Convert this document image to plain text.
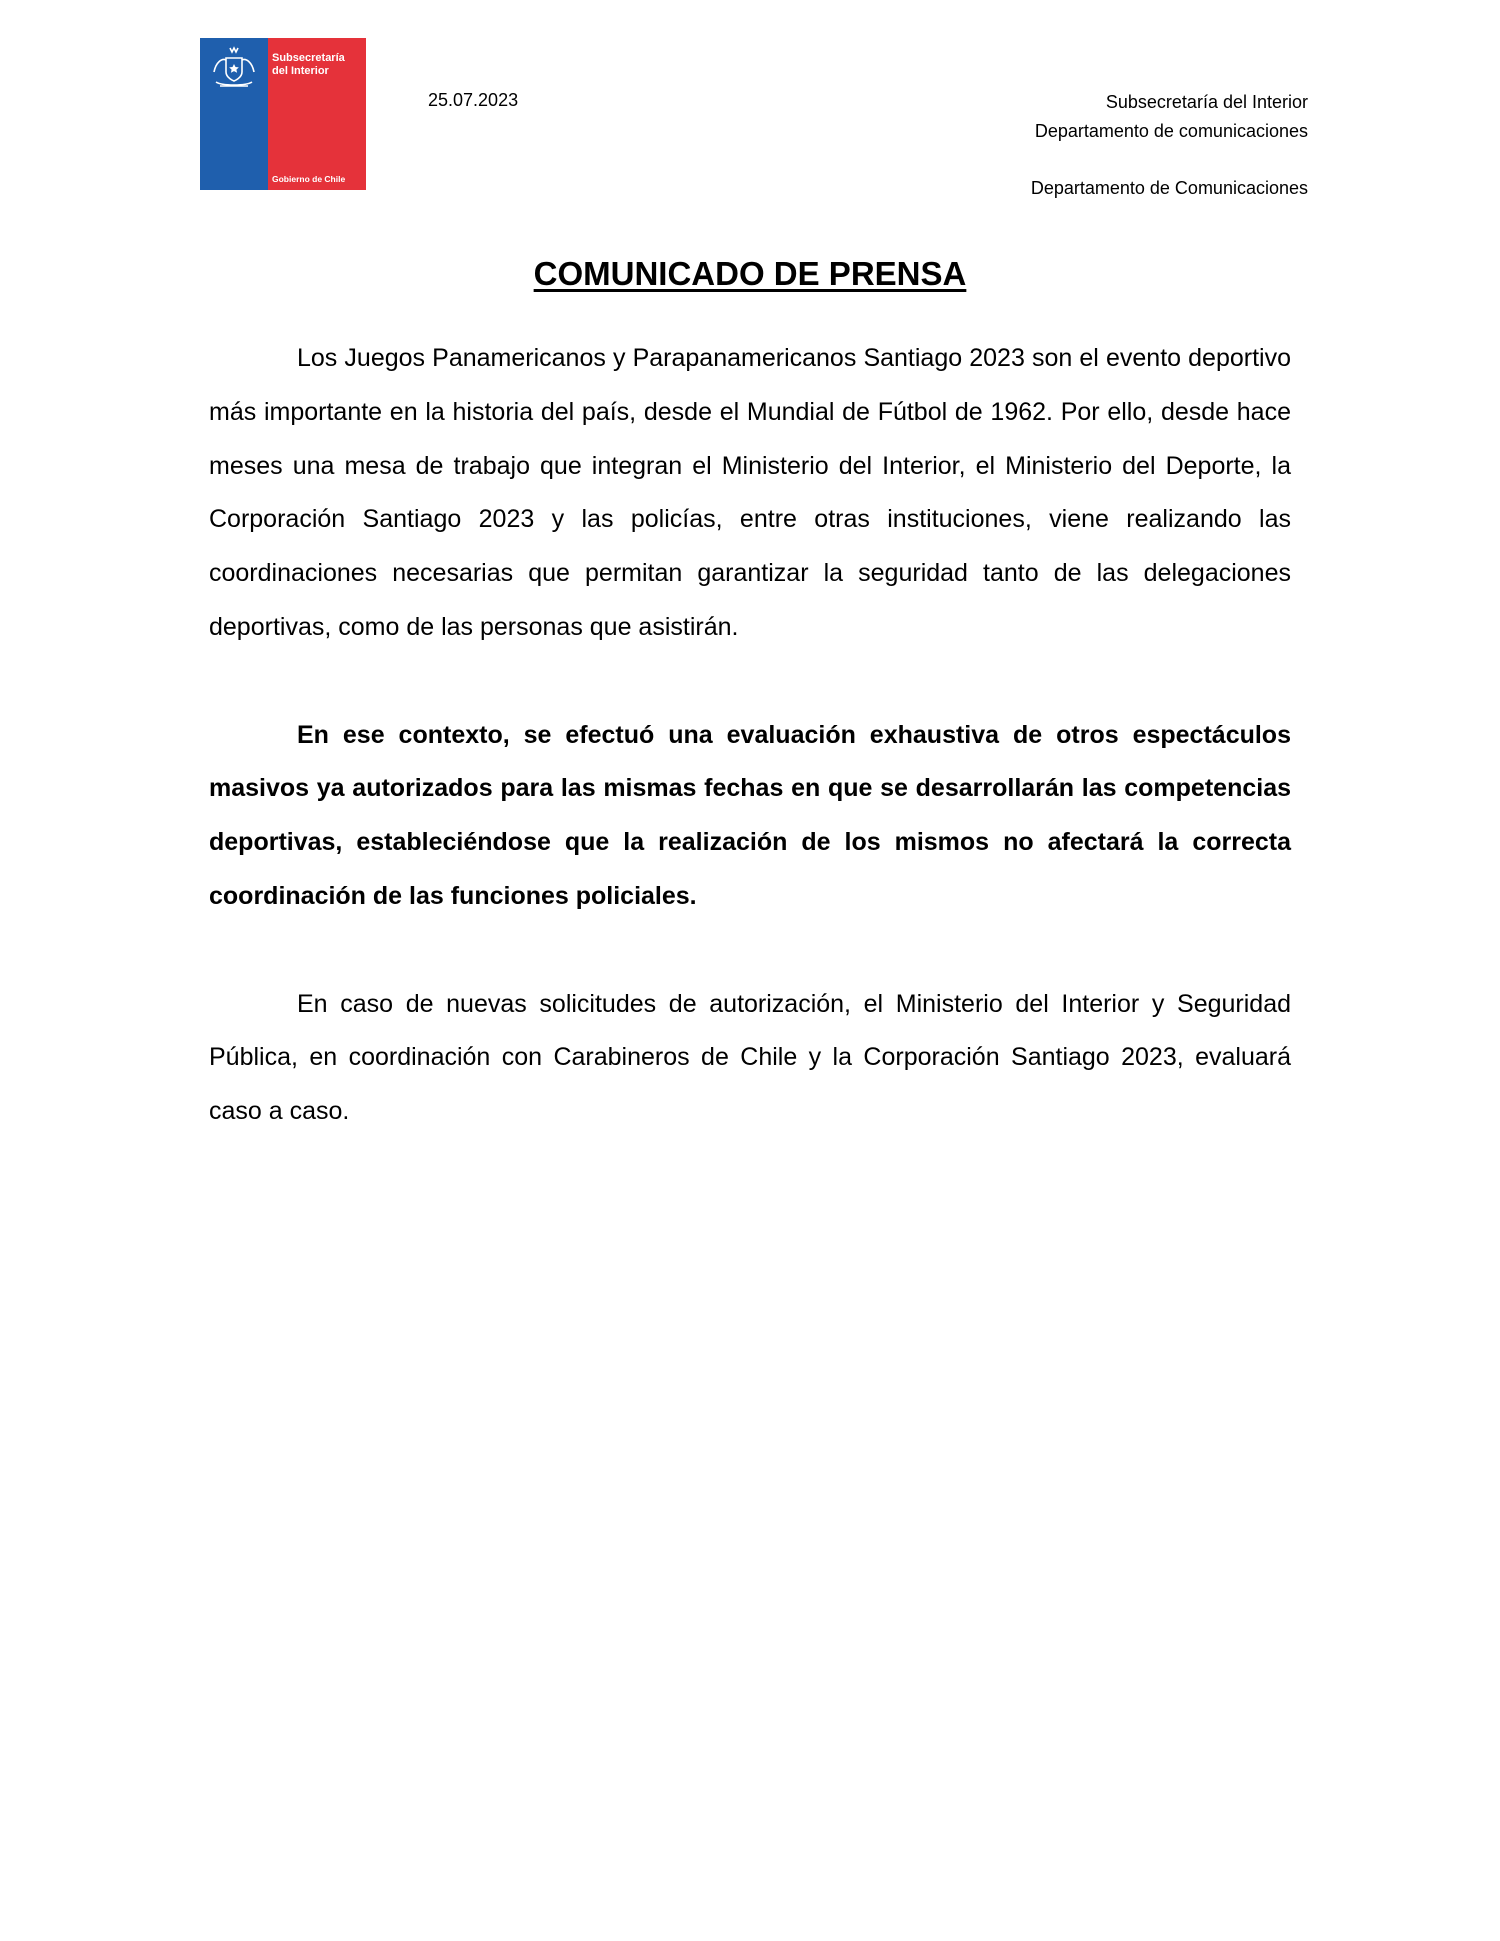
Subsecretaría
del Interior
Gobierno de Chile
25.07.2023	Subsecretaría del Interior
Departamento de comunicaciones
Departamento de Comunicaciones
COMUNICADO DE PRENSA

Los Juegos Panamericanos y Parapanamericanos Santiago 2023 son el evento deportivo más importante en la historia del país, desde el Mundial de Fútbol de 1962. Por ello, desde hace meses una mesa de trabajo que integran el Ministerio del Interior, el Ministerio del Deporte, la Corporación Santiago 2023 y las policías, entre otras instituciones, viene realizando las coordinaciones necesarias que permitan garantizar la seguridad tanto de las delegaciones deportivas, como de las personas que asistirán.

En ese contexto, se efectuó una evaluación exhaustiva de otros espectáculos masivos ya autorizados para las mismas fechas en que se desarrollarán las competencias deportivas, estableciéndose que la realización de los mismos no afectará la correcta coordinación de las funciones policiales.

En caso de nuevas solicitudes de autorización, el Ministerio del Interior y Seguridad Pública, en coordinación con Carabineros de Chile y la Corporación Santiago 2023, evaluará caso a caso.
